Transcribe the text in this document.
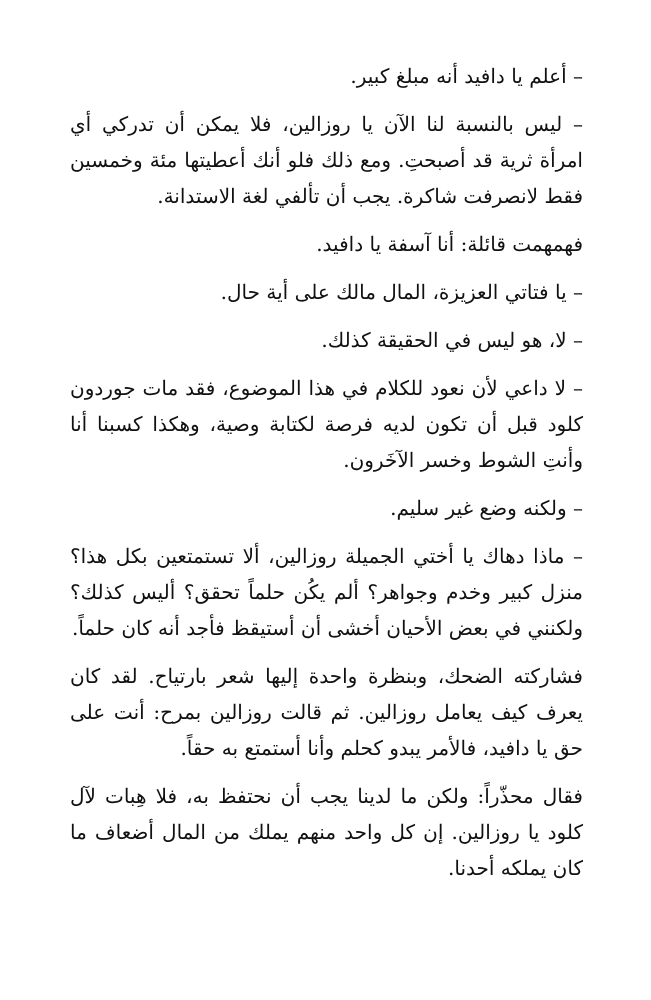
– أعلم يا دافيد أنه مبلغ كبير.

– ليس بالنسبة لنا الآن يا روزالين، فلا يمكن أن تدركي أي امرأة ثرية قد أصبحتِ. ومع ذلك فلو أنك أعطيتها مئة وخمسين فقط لانصرفت شاكرة. يجب أن تألفي لغة الاستدانة.

فهمهمت قائلة: أنا آسفة يا دافيد.

– يا فتاتي العزيزة، المال مالك على أية حال.

– لا، هو ليس في الحقيقة كذلك.

– لا داعي لأن نعود للكلام في هذا الموضوع، فقد مات جوردون كلود قبل أن تكون لديه فرصة لكتابة وصية، وهكذا كسبنا أنا وأنتِ الشوط وخسر الآخَرون.

– ولكنه وضع غير سليم.

– ماذا دهاك يا أختي الجميلة روزالين، ألا تستمتعين بكل هذا؟ منزل كبير وخدم وجواهر؟ ألم يكُن حلماً تحقق؟ أليس كذلك؟ ولكنني في بعض الأحيان أخشى أن أستيقظ فأجد أنه كان حلماً.

فشاركته الضحك، وبنظرة واحدة إليها شعر بارتياح. لقد كان يعرف كيف يعامل روزالين. ثم قالت روزالين بمرح: أنت على حق يا دافيد، فالأمر يبدو كحلم وأنا أستمتع به حقاً.

فقال محذّراً: ولكن ما لدينا يجب أن نحتفظ به، فلا هِبات لآل كلود يا روزالين. إن كل واحد منهم يملك من المال أضعاف ما كان يملكه أحدنا.
